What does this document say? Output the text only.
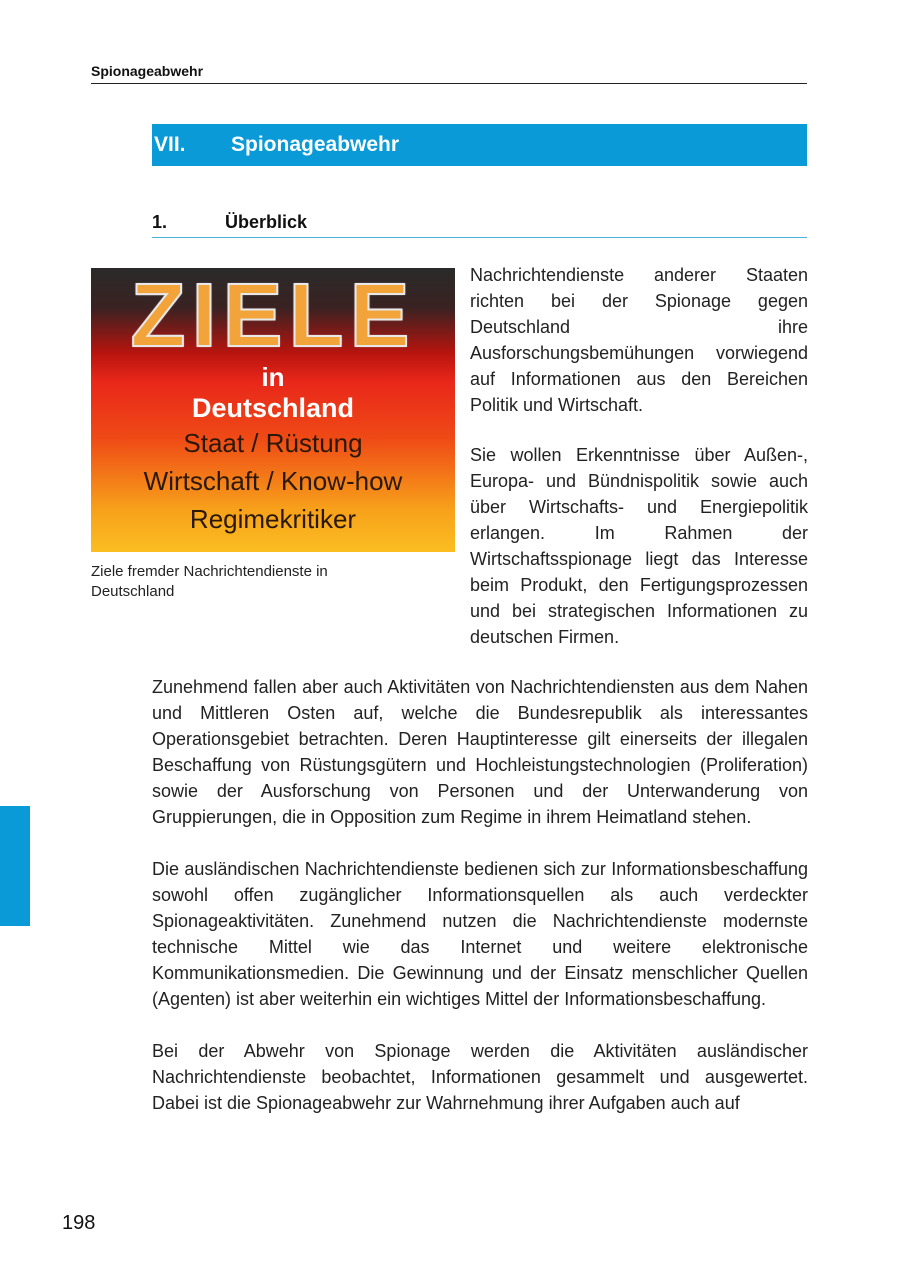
Spionageabwehr
VII.	Spionageabwehr
1.	Überblick
ZIELE
in
Deutschland
Staat / Rüstung
Wirtschaft / Know-how
Regimekritiker
Ziele fremder Nachrichtendienste in Deutschland

Nachrichtendienste anderer Staaten richten bei der Spionage gegen Deutschland ihre Ausforschungsbemühungen vorwiegend auf Informationen aus den Bereichen Politik und Wirtschaft.

Sie wollen Erkenntnisse über Außen-, Europa- und Bündnispolitik sowie auch über Wirtschafts- und Energiepolitik erlangen. Im Rahmen der Wirtschaftsspionage liegt das Interesse beim Produkt, den Fertigungsprozessen und bei strategischen Informationen zu deutschen Firmen.

Zunehmend fallen aber auch Aktivitäten von Nachrichtendiensten aus dem Nahen und Mittleren Osten auf, welche die Bundesrepublik als interessantes Operationsgebiet betrachten. Deren Hauptinteresse gilt einerseits der illegalen Beschaffung von Rüstungsgütern und Hochleistungstechnologien (Proliferation) sowie der Ausforschung von Personen und der Unterwanderung von Gruppierungen, die in Opposition zum Regime in ihrem Heimatland stehen.

Die ausländischen Nachrichtendienste bedienen sich zur Informationsbeschaffung sowohl offen zugänglicher Informationsquellen als auch verdeckter Spionageaktivitäten. Zunehmend nutzen die Nachrichtendienste modernste technische Mittel wie das Internet und weitere elektronische Kommunikationsmedien. Die Gewinnung und der Einsatz menschlicher Quellen (Agenten) ist aber weiterhin ein wichtiges Mittel der Informationsbeschaffung.

Bei der Abwehr von Spionage werden die Aktivitäten ausländischer Nachrichtendienste beobachtet, Informationen gesammelt und ausgewertet. Dabei ist die Spionageabwehr zur Wahrnehmung ihrer Aufgaben auch auf

198
